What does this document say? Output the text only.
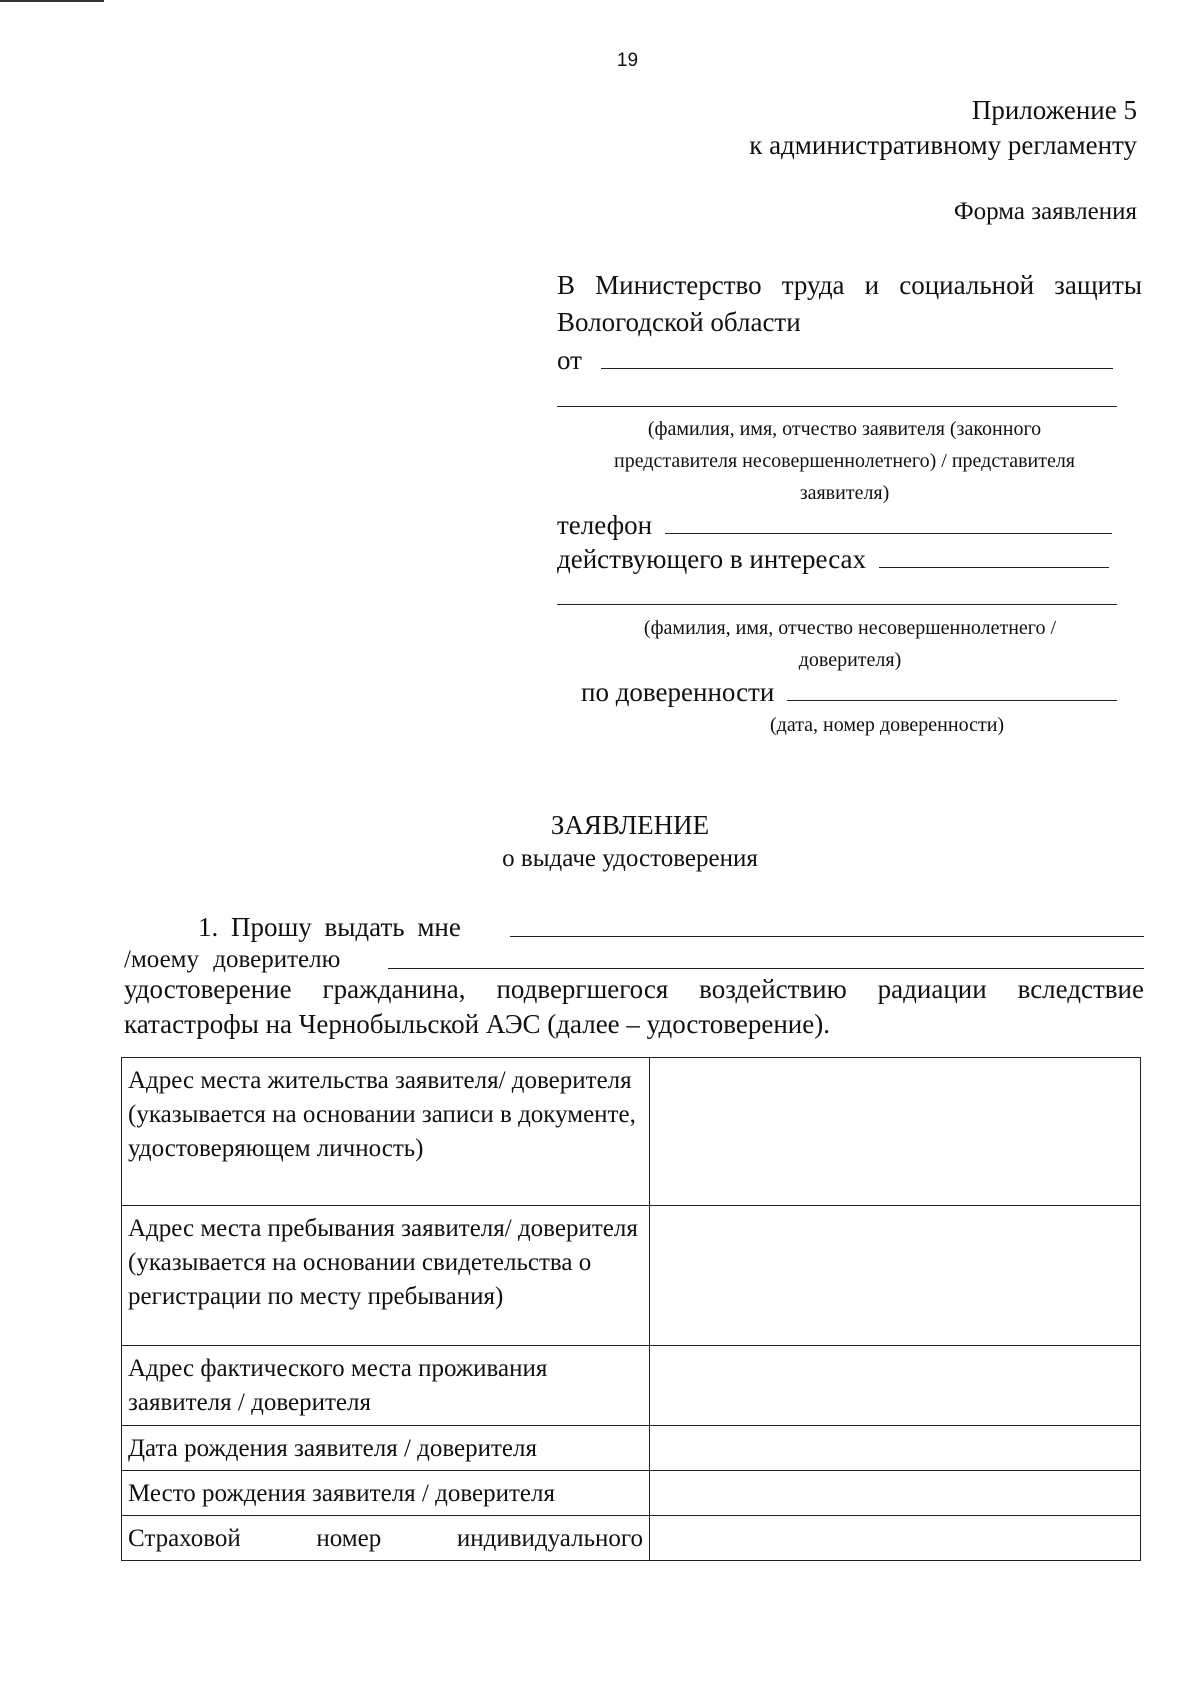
19
Приложение 5
к административному регламенту
Форма заявления
В Министерство труда и социальной защиты
Вологодской области
от
(фамилия, имя, отчество заявителя (законного
представителя несовершеннолетнего) / представителя
заявителя)
телефон
действующего в интересах
(фамилия, имя, отчество несовершеннолетнего /
доверителя)
по доверенности
(дата, номер доверенности)
ЗАЯВЛЕНИЕ
о выдаче удостоверения
1. Прошу выдать мне
/моему доверителю
удостоверение гражданина, подвергшегося воздействию радиации вследствие
катастрофы на Чернобыльской АЭС (далее – удостоверение).
Адрес места жительства заявителя/ доверителя (указывается на основании записи в документе, удостоверяющем личность)	
Адрес места пребывания заявителя/ доверителя (указывается на основании свидетельства о регистрации по месту пребывания)	
Адрес фактического места проживания заявителя / доверителя	
Дата рождения заявителя / доверителя	
Место рождения заявителя / доверителя	
Страховой номер индивидуального	
